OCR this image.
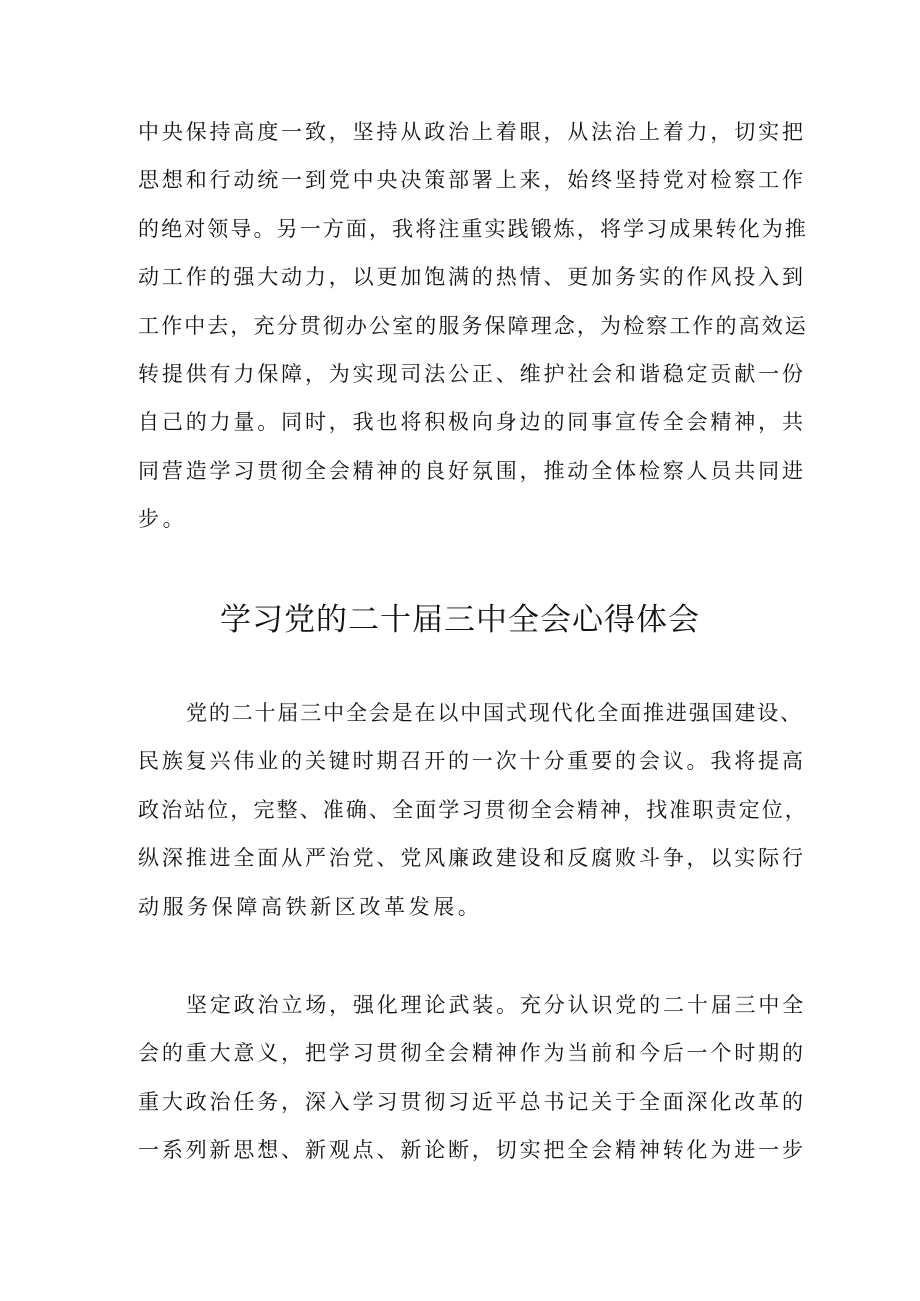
中央保持高度一致，坚持从政治上着眼，从法治上着力，切实把
思想和行动统一到党中央决策部署上来，始终坚持党对检察工作
的绝对领导。另一方面，我将注重实践锻炼，将学习成果转化为推
动工作的强大动力，以更加饱满的热情、更加务实的作风投入到
工作中去，充分贯彻办公室的服务保障理念，为检察工作的高效运
转提供有力保障，为实现司法公正、维护社会和谐稳定贡献一份
自己的力量。同时，我也将积极向身边的同事宣传全会精神，共
同营造学习贯彻全会精神的良好氛围，推动全体检察人员共同进
步。

学习党的二十届三中全会心得体会

党的二十届三中全会是在以中国式现代化全面推进强国建设、
民族复兴伟业的关键时期召开的一次十分重要的会议。我将提高
政治站位，完整、准确、全面学习贯彻全会精神，找准职责定位，
纵深推进全面从严治党、党风廉政建设和反腐败斗争，以实际行
动服务保障高铁新区改革发展。

坚定政治立场，强化理论武装。充分认识党的二十届三中全
会的重大意义，把学习贯彻全会精神作为当前和今后一个时期的
重大政治任务，深入学习贯彻习近平总书记关于全面深化改革的
一系列新思想、新观点、新论断，切实把全会精神转化为进一步
